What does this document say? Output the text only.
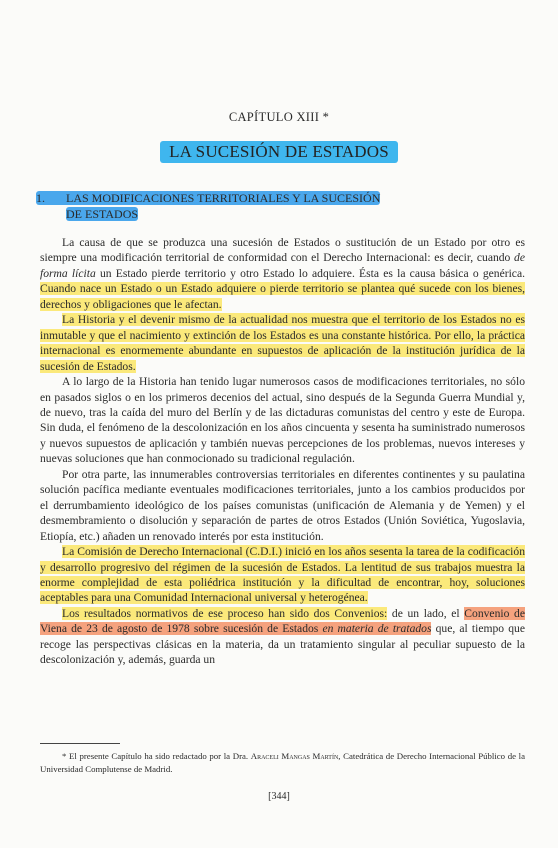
CAPÍTULO XIII *
LA SUCESIÓN DE ESTADOS
1. LAS MODIFICACIONES TERRITORIALES Y LA SUCESIÓN
DE ESTADOS

La causa de que se produzca una sucesión de Estados o sustitución de un Estado por otro es siempre una modificación territorial de conformidad con el Derecho Internacional: es decir, cuando de forma lícita un Estado pierde territorio y otro Estado lo adquiere. Ésta es la causa básica o genérica. Cuando nace un Estado o un Estado adquiere o pierde territorio se plantea qué sucede con los bienes, derechos y obligaciones que le afectan.

La Historia y el devenir mismo de la actualidad nos muestra que el territorio de los Estados no es inmutable y que el nacimiento y extinción de los Estados es una constante histórica. Por ello, la práctica internacional es enormemente abundante en supuestos de aplicación de la institución jurídica de la sucesión de Estados.

A lo largo de la Historia han tenido lugar numerosos casos de modificaciones territoriales, no sólo en pasados siglos o en los primeros decenios del actual, sino después de la Segunda Guerra Mundial y, de nuevo, tras la caída del muro del Berlín y de las dictaduras comunistas del centro y este de Europa. Sin duda, el fenómeno de la descolonización en los años cincuenta y sesenta ha suministrado numerosos y nuevos supuestos de aplicación y también nuevas percepciones de los problemas, nuevos intereses y nuevas soluciones que han conmocionado su tradicional regulación.

Por otra parte, las innumerables controversias territoriales en diferentes continentes y su paulatina solución pacífica mediante eventuales modificaciones territoriales, junto a los cambios producidos por el derrumbamiento ideológico de los países comunistas (unificación de Alemania y de Yemen) y el desmembramiento o disolución y separación de partes de otros Estados (Unión Soviética, Yugoslavia, Etiopía, etc.) añaden un renovado interés por esta institución.

La Comisión de Derecho Internacional (C.D.I.) inició en los años sesenta la tarea de la codificación y desarrollo progresivo del régimen de la sucesión de Estados. La lentitud de sus trabajos muestra la enorme complejidad de esta poliédrica institución y la dificultad de encontrar, hoy, soluciones aceptables para una Comunidad Internacional universal y heterogénea.

Los resultados normativos de ese proceso han sido dos Convenios: de un lado, el Convenio de Viena de 23 de agosto de 1978 sobre sucesión de Estados en materia de tratados que, al tiempo que recoge las perspectivas clásicas en la materia, da un tratamiento singular al peculiar supuesto de la descolonización y, además, guarda un

* El presente Capítulo ha sido redactado por la Dra. Araceli Mangas Martín, Catedrática de Derecho Internacional Público de la Universidad Complutense de Madrid.

[344]
